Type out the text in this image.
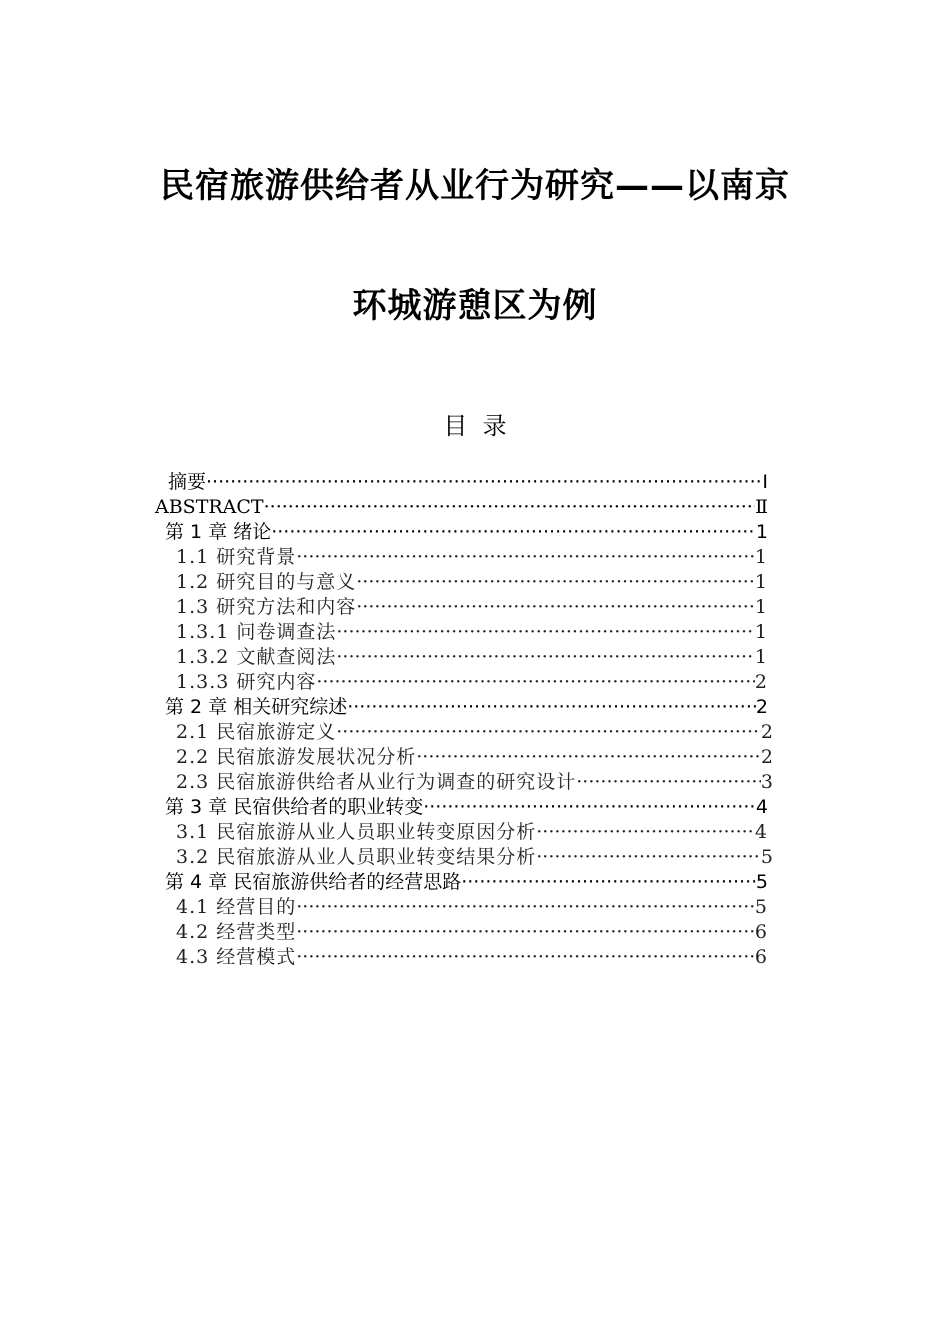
民宿旅游供给者从业行为研究——以南京
环城游憩区为例
目  录
摘要 ·····	Ⅰ
ABSTRACT ·····	Ⅱ
第 1 章 绪论 ·····	1
1.1 研究背景 ·····	1
1.2 研究目的与意义 ·····	1
1.3 研究方法和内容 ·····	1
1.3.1 问卷调查法 ·····	1
1.3.2 文献查阅法 ·····	1
1.3.3 研究内容 ·····	2
第 2 章 相关研究综述 ·····	2
2.1 民宿旅游定义 ·····	2
2.2 民宿旅游发展状况分析 ·····	2
2.3 民宿旅游供给者从业行为调查的研究设计 ·····	3
第 3 章 民宿供给者的职业转变 ·····	4
3.1 民宿旅游从业人员职业转变原因分析 ·····	4
3.2 民宿旅游从业人员职业转变结果分析 ·····	5
第 4 章 民宿旅游供给者的经营思路 ·····	5
4.1 经营目的 ·····	5
4.2 经营类型 ·····	6
4.3 经营模式 ·····	6
